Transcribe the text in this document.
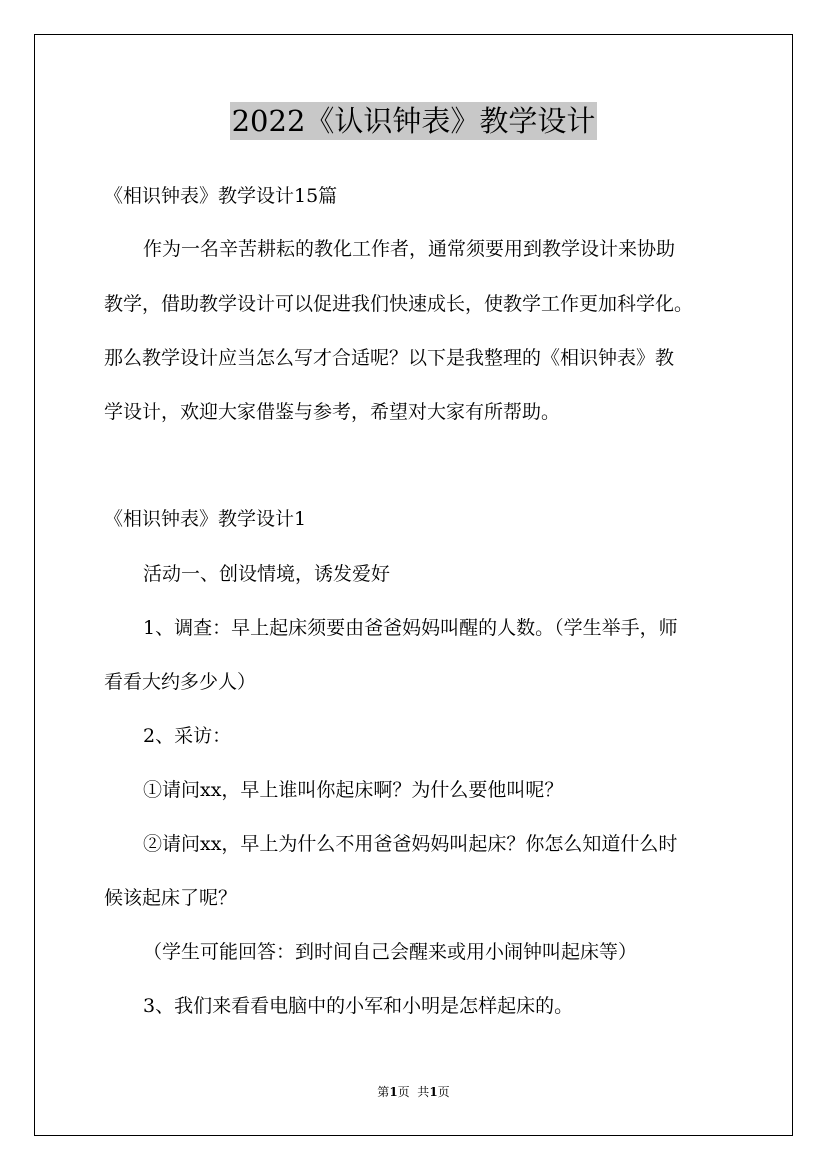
2022《认识钟表》教学设计
《相识钟表》教学设计15篇
作为一名辛苦耕耘的教化工作者，通常须要用到教学设计来协助
教学，借助教学设计可以促进我们快速成长，使教学工作更加科学化。
那么教学设计应当怎么写才合适呢？以下是我整理的《相识钟表》教
学设计，欢迎大家借鉴与参考，希望对大家有所帮助。
《相识钟表》教学设计1
活动一、创设情境，诱发爱好
1、调查：早上起床须要由爸爸妈妈叫醒的人数。（学生举手，师
看看大约多少人）
2、采访：
①请问xx，早上谁叫你起床啊？为什么要他叫呢？
②请问xx，早上为什么不用爸爸妈妈叫起床？你怎么知道什么时
候该起床了呢？
（学生可能回答：到时间自己会醒来或用小闹钟叫起床等）
3、我们来看看电脑中的小军和小明是怎样起床的。
第1页  共1页
